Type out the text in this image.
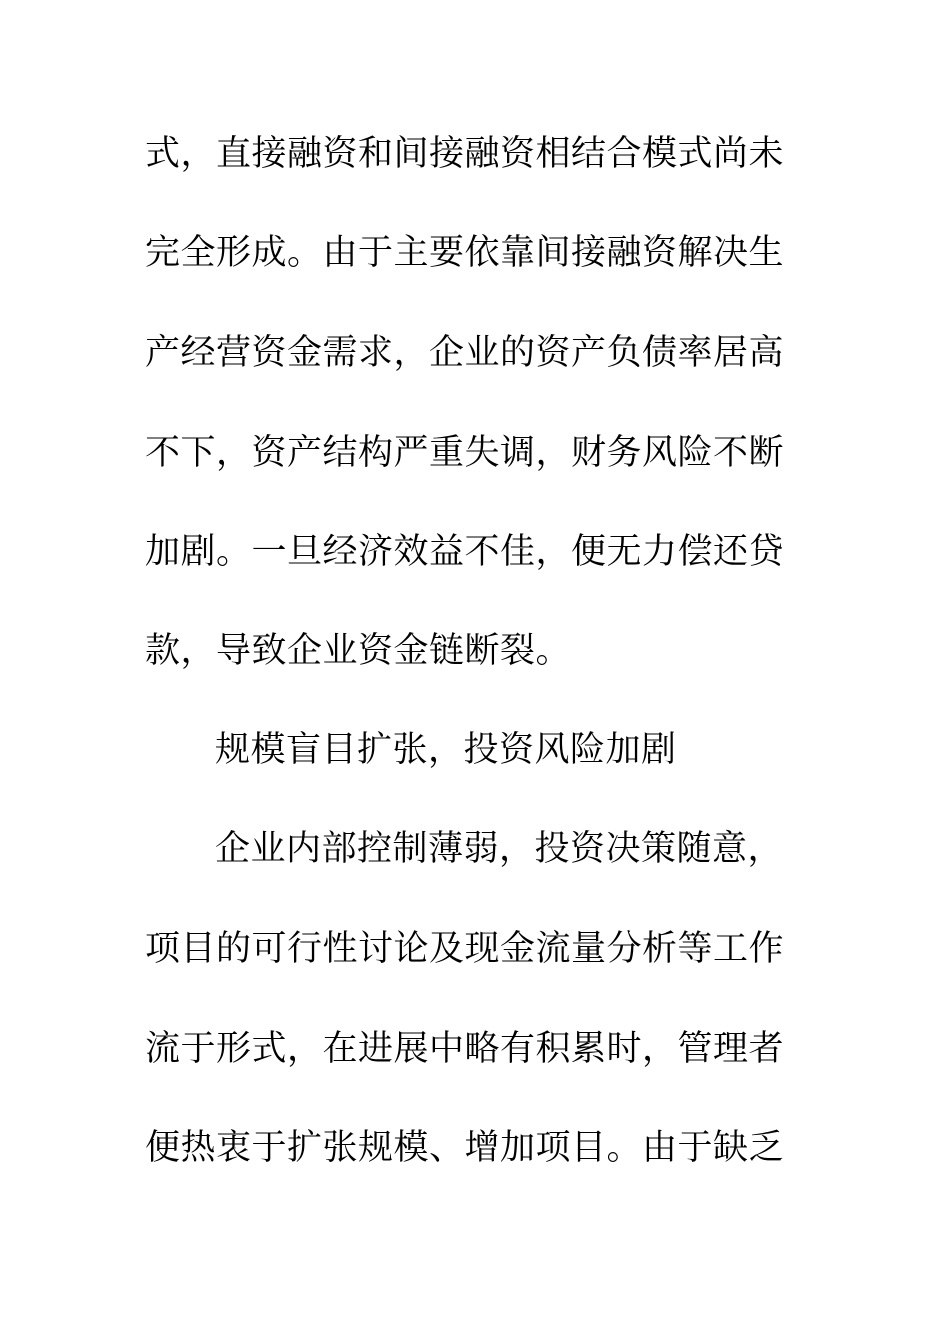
式，直接融资和间接融资相结合模式尚未
完全形成。由于主要依靠间接融资解决生
产经营资金需求，企业的资产负债率居高
不下，资产结构严重失调，财务风险不断
加剧。一旦经济效益不佳，便无力偿还贷
款，导致企业资金链断裂。
规模盲目扩张，投资风险加剧
企业内部控制薄弱，投资决策随意，
项目的可行性讨论及现金流量分析等工作
流于形式，在进展中略有积累时，管理者
便热衷于扩张规模、增加项目。由于缺乏
